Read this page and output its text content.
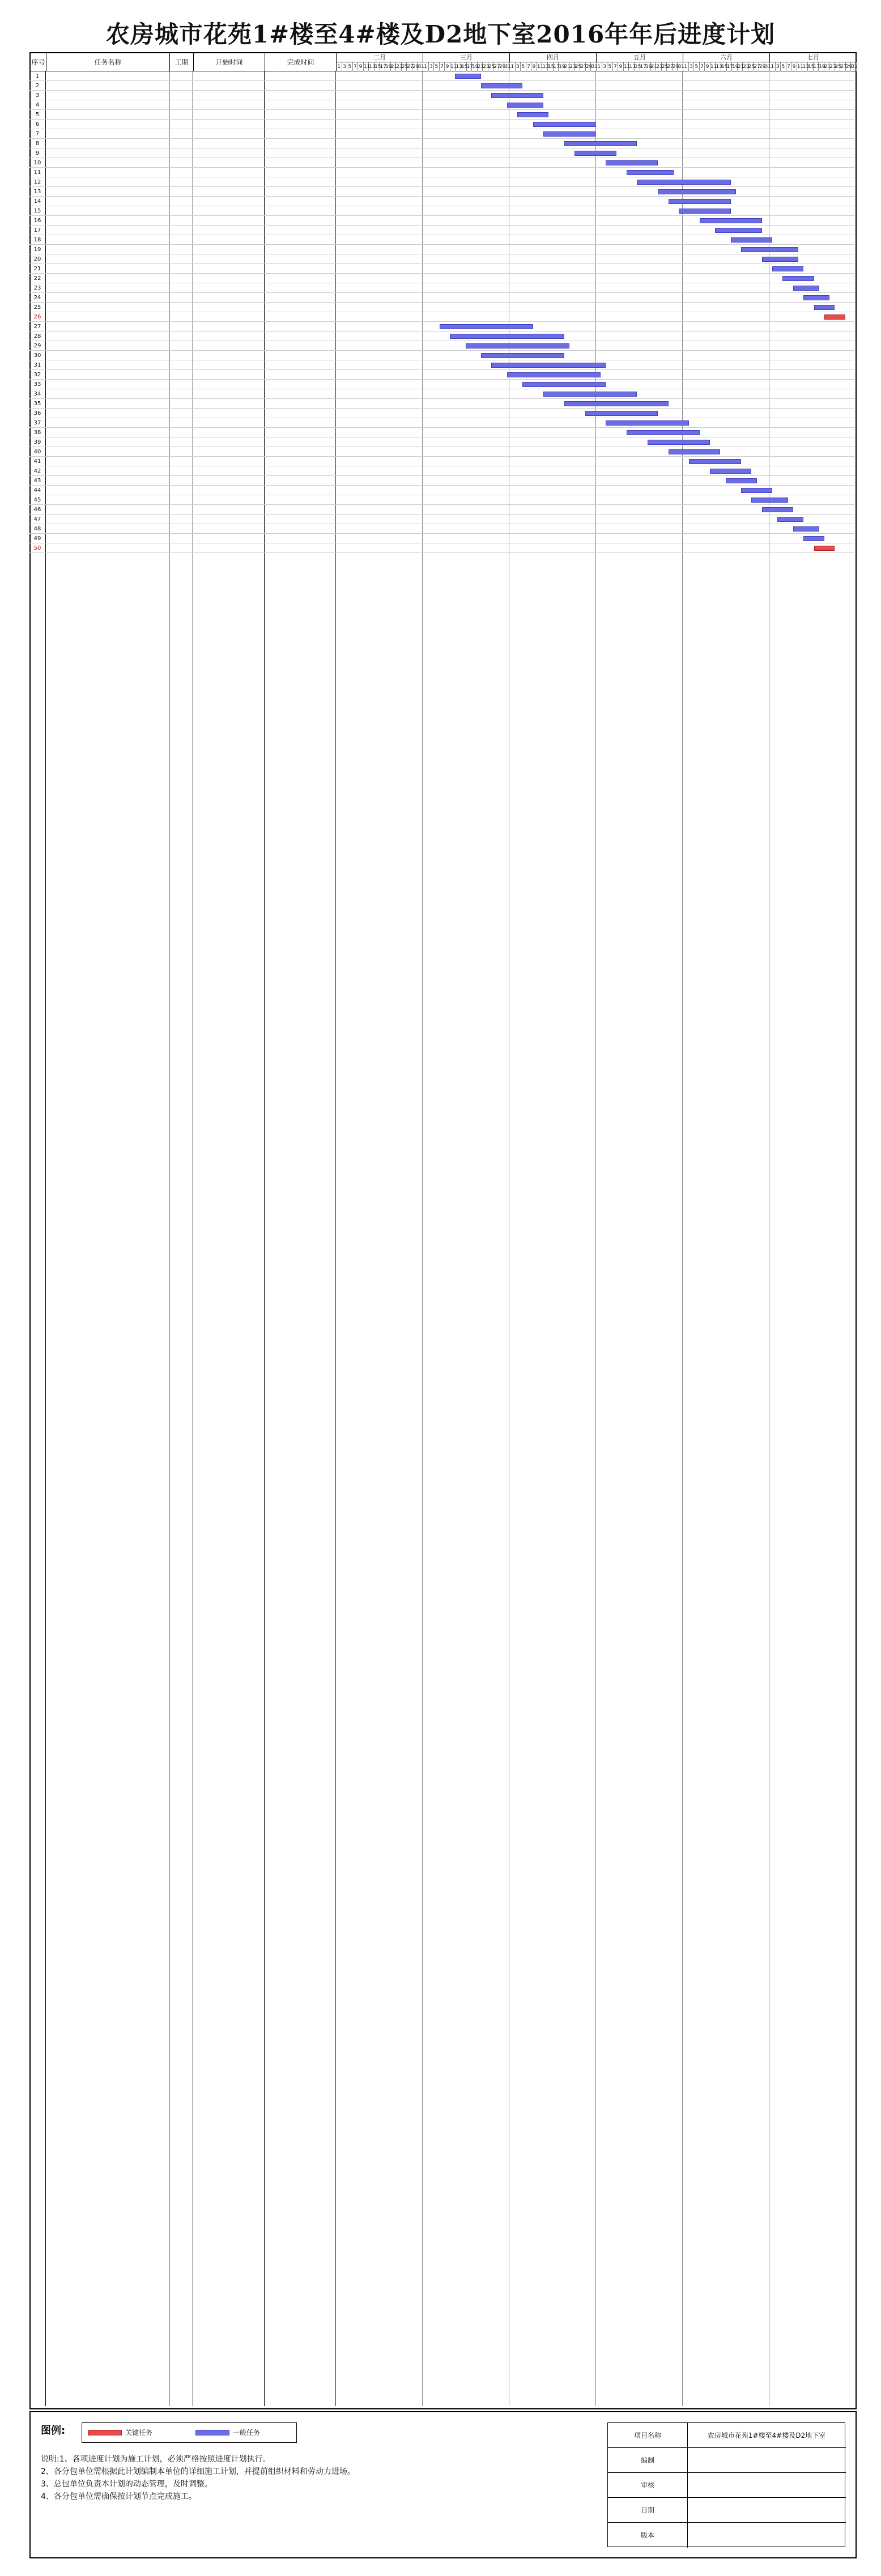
农房城市花苑1#楼至4#楼及D2地下室2016年年后进度计划
序号	任务名称	工期	开始时间	完成时间
二月	三月	四月	五月	六月	七月
1 3 5 7 9 11
13
15
17
19
21
23
25
27
29
31 1 3 5 7 9 11
13
15
17
19
21
23
25
27
29
31 1 3 5 7 9 11
13
15
17
19
21
23
25
27
29
31 1 3 5 7 9 11
13
15
17
19
21
23
25
27
29
31 1 3 5 7 9 11
13
15
17
19
21
23
25
27
29
31 1 3 5 7 9 11
13
15
17
19
21
23
25
27
29
31
1
2
3
4
5
6
7
8
9
10
11
12
13
14
15
16
17
18
19
20
21
22
23
24
25
26
27
28
29
30
31
32
33
34
35
36
37
38
39
40
41
42
43
44
45
46
47
48
49
50
图例:	关键任务	一般任务
说明:1、各项进度计划为施工计划，必须严格按照进度计划执行。
2、各分包单位需根据此计划编制本单位的详细施工计划，并提前组织材料和劳动力进场。
3、总包单位负责本计划的动态管理，及时调整。
4、各分包单位需确保按计划节点完成施工。
项目名称	农房城市花苑1#楼至4#楼及D2地下室
编制
审核
日期
版本
